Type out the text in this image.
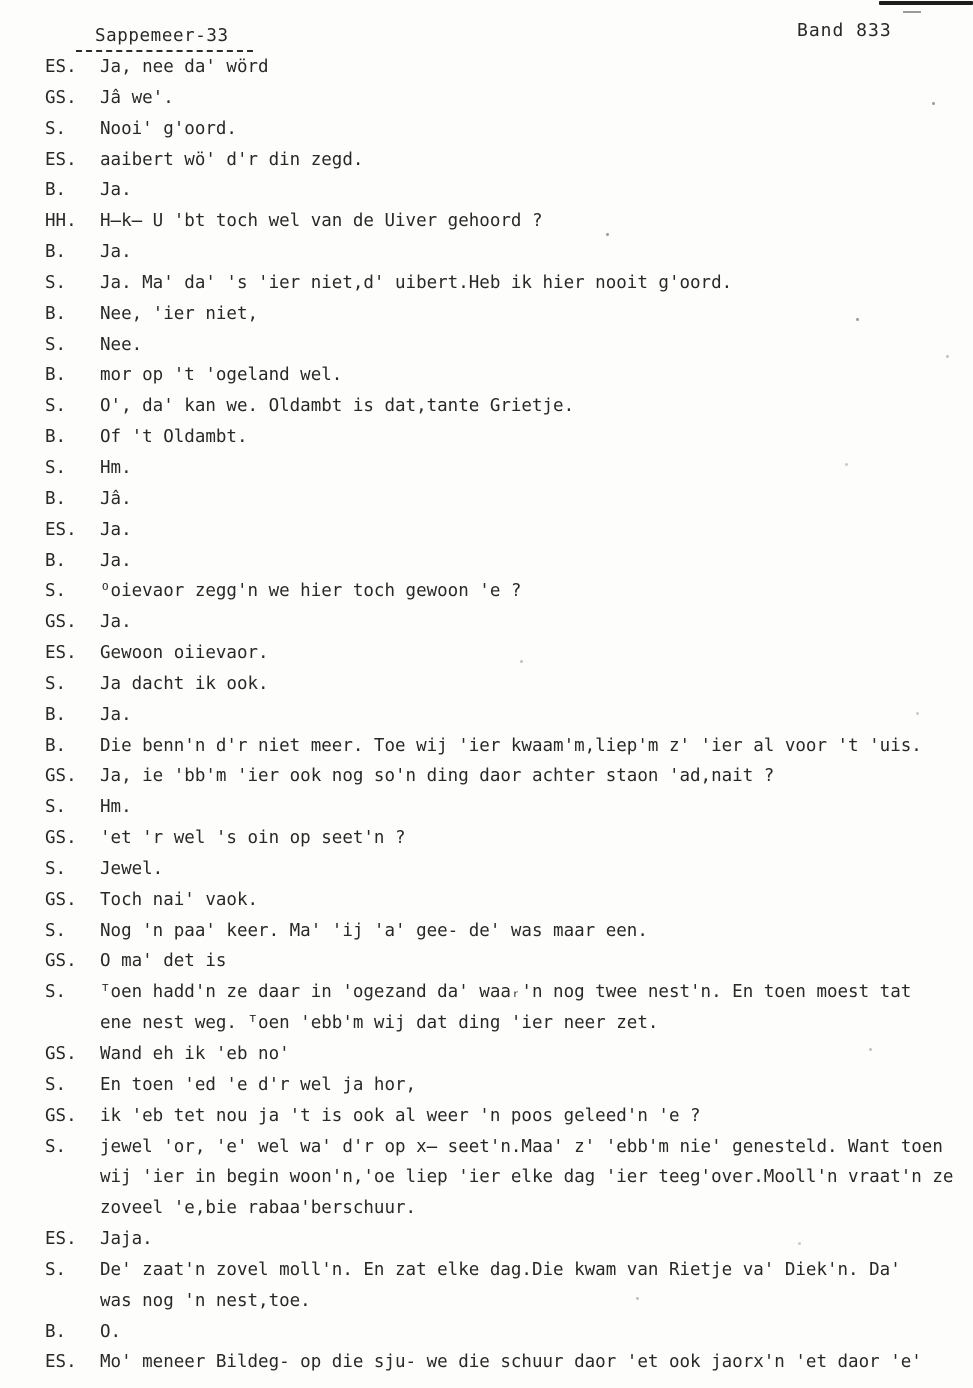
Sappemeer-33	Band 833
ES. Ja, nee da' wörd
GS. Jâ we'.
S. Nooi' g'oord.
ES. aaibert wö' d'r din zegd.
B. Ja.
HH. H̶k̶ U 'bt toch wel van de Uiver gehoord ?
B. Ja.
S. Ja. Ma' da' 's 'ier niet,d' uibert.Heb ik hier nooit g'oord.
B. Nee, 'ier niet,
S. Nee.
B. mor op 't 'ogeland wel.
S. O', da' kan we. Oldambt is dat,tante Grietje.
B. Of 't Oldambt.
S. Hm.
B. Jâ.
ES. Ja.
B. Ja.
S. ᴼoievaor zegg'n we hier toch gewoon 'e ?
GS. Ja.
ES. Gewoon oiievaor.
S. Ja dacht ik ook.
B. Ja.
B. Die benn'n d'r niet meer. Toe wij 'ier kwaam'm,liep'm z' 'ier al voor 't 'uis.
GS. Ja, ie 'bb'm 'ier ook nog so'n ding daor achter staon 'ad,nait ?
S. Hm.
GS. 'et 'r wel 's oin op seet'n ?
S. Jewel.
GS. Toch nai' vaok.
S. Nog 'n paa' keer. Ma' 'ij 'a' gee- de' was maar een.
GS. O ma' det is
S. ᵀoen hadd'n ze daar in 'ogezand da' waaᵣ'n nog twee nest'n. En toen moest tat
ene nest weg. ᵀoen 'ebb'm wij dat ding 'ier neer zet.
GS. Wand eh ik 'eb no'
S. En toen 'ed 'e d'r wel ja hor,
GS. ik 'eb tet nou ja 't is ook al weer 'n poos geleed'n 'e ?
S. jewel 'or, 'e' wel wa' d'r op x̶ seet'n.Maa' z' 'ebb'm nie' genesteld. Want toen
wij 'ier in begin woon'n,'oe liep 'ier elke dag 'ier teeg'over.Mooll'n vraat'n ze
zoveel 'e,bie rabaa'berschuur.
ES. Jaja.
S. De' zaat'n zovel moll'n. En zat elke dag.Die kwam van Rietje va' Diek'n. Da'
was nog 'n nest,toe.
B. O.
ES. Mo' meneer Bildeg- op die sju- we die schuur daor 'et ook jaorx'n 'et daor 'e'
